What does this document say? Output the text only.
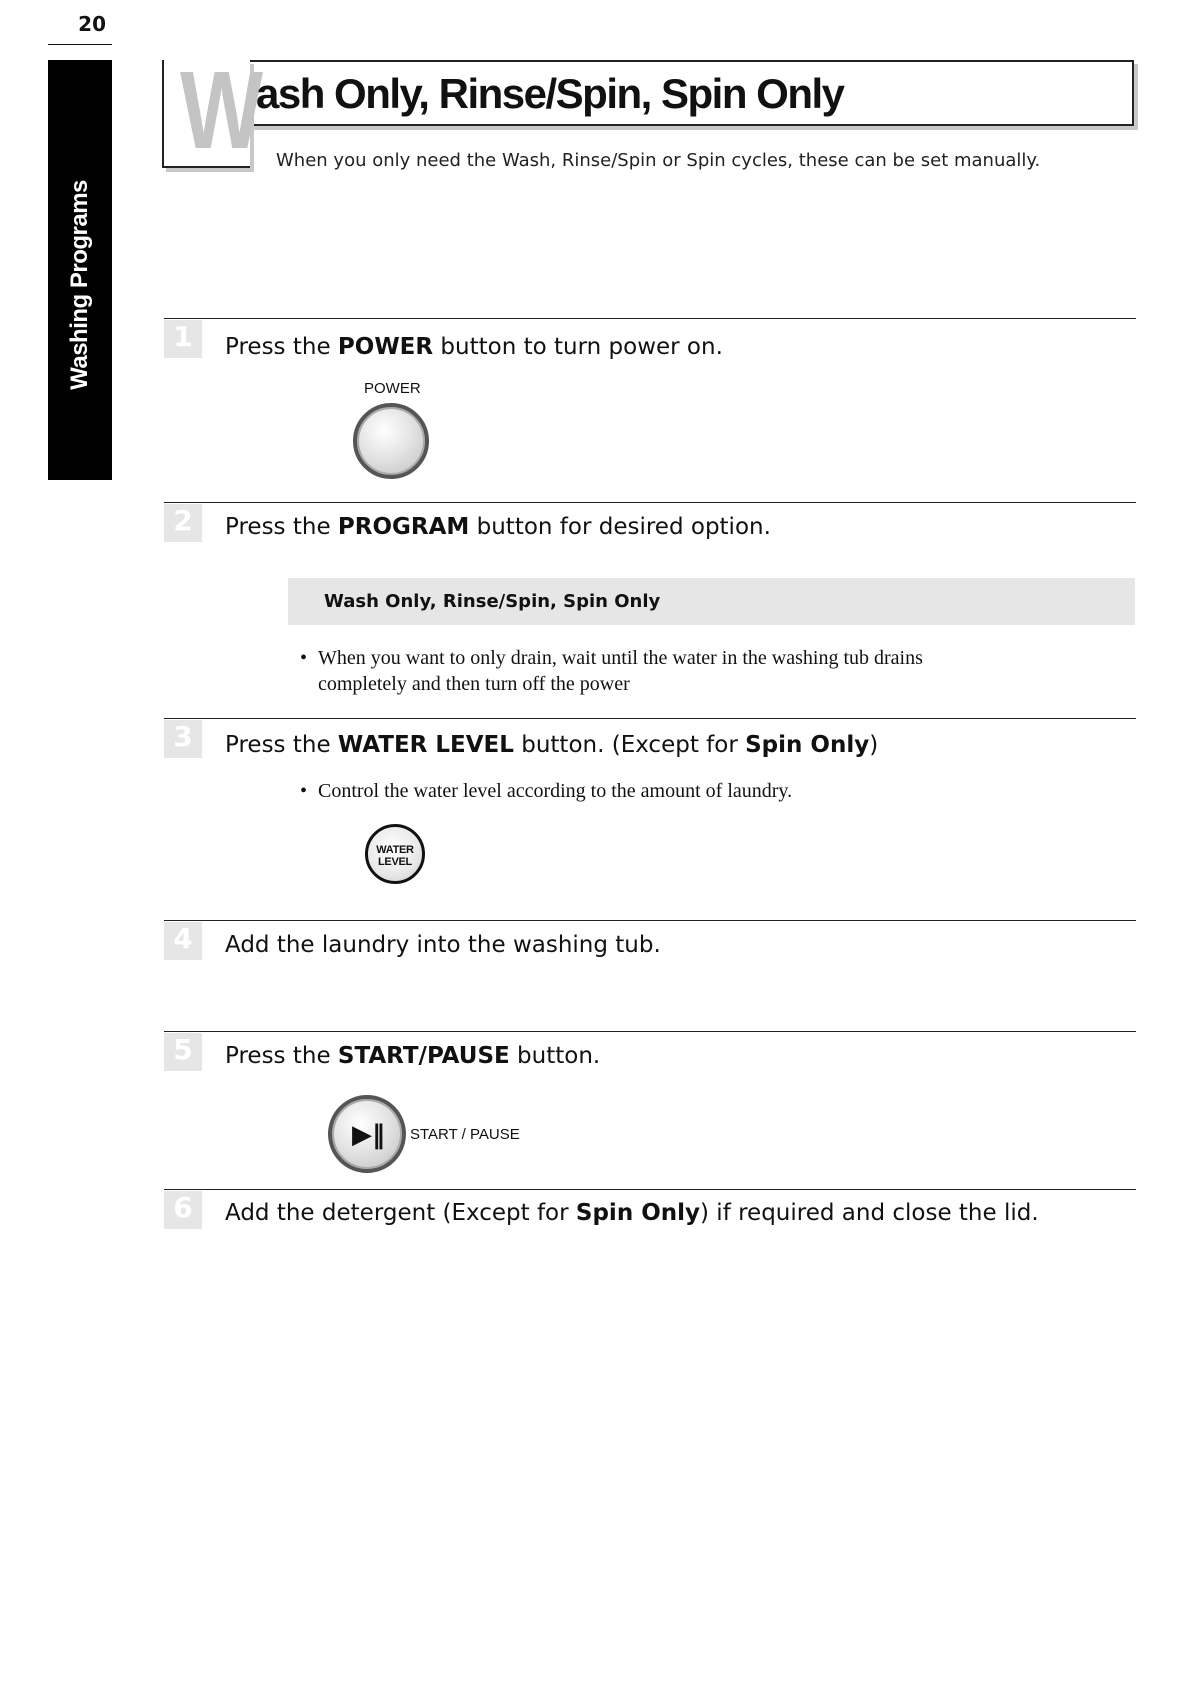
20
Washing Programs
W
ash Only, Rinse/Spin, Spin Only
When you only need the Wash, Rinse/Spin or Spin cycles, these can be set manually.
1	Press the POWER button to turn power on.
POWER
2	Press the PROGRAM button for desired option.
Wash Only, Rinse/Spin, Spin Only
• When you want to only drain, wait until the water in the washing tub drains
completely and then turn off the power
3	Press the WATER LEVEL button. (Except for Spin Only)
• Control the water level according to the amount of laundry.
WATER
LEVEL
4	Add the laundry into the washing tub.
5	Press the START/PAUSE button.
▶‖ START / PAUSE
6	Add the detergent (Except for Spin Only) if required and close the lid.
